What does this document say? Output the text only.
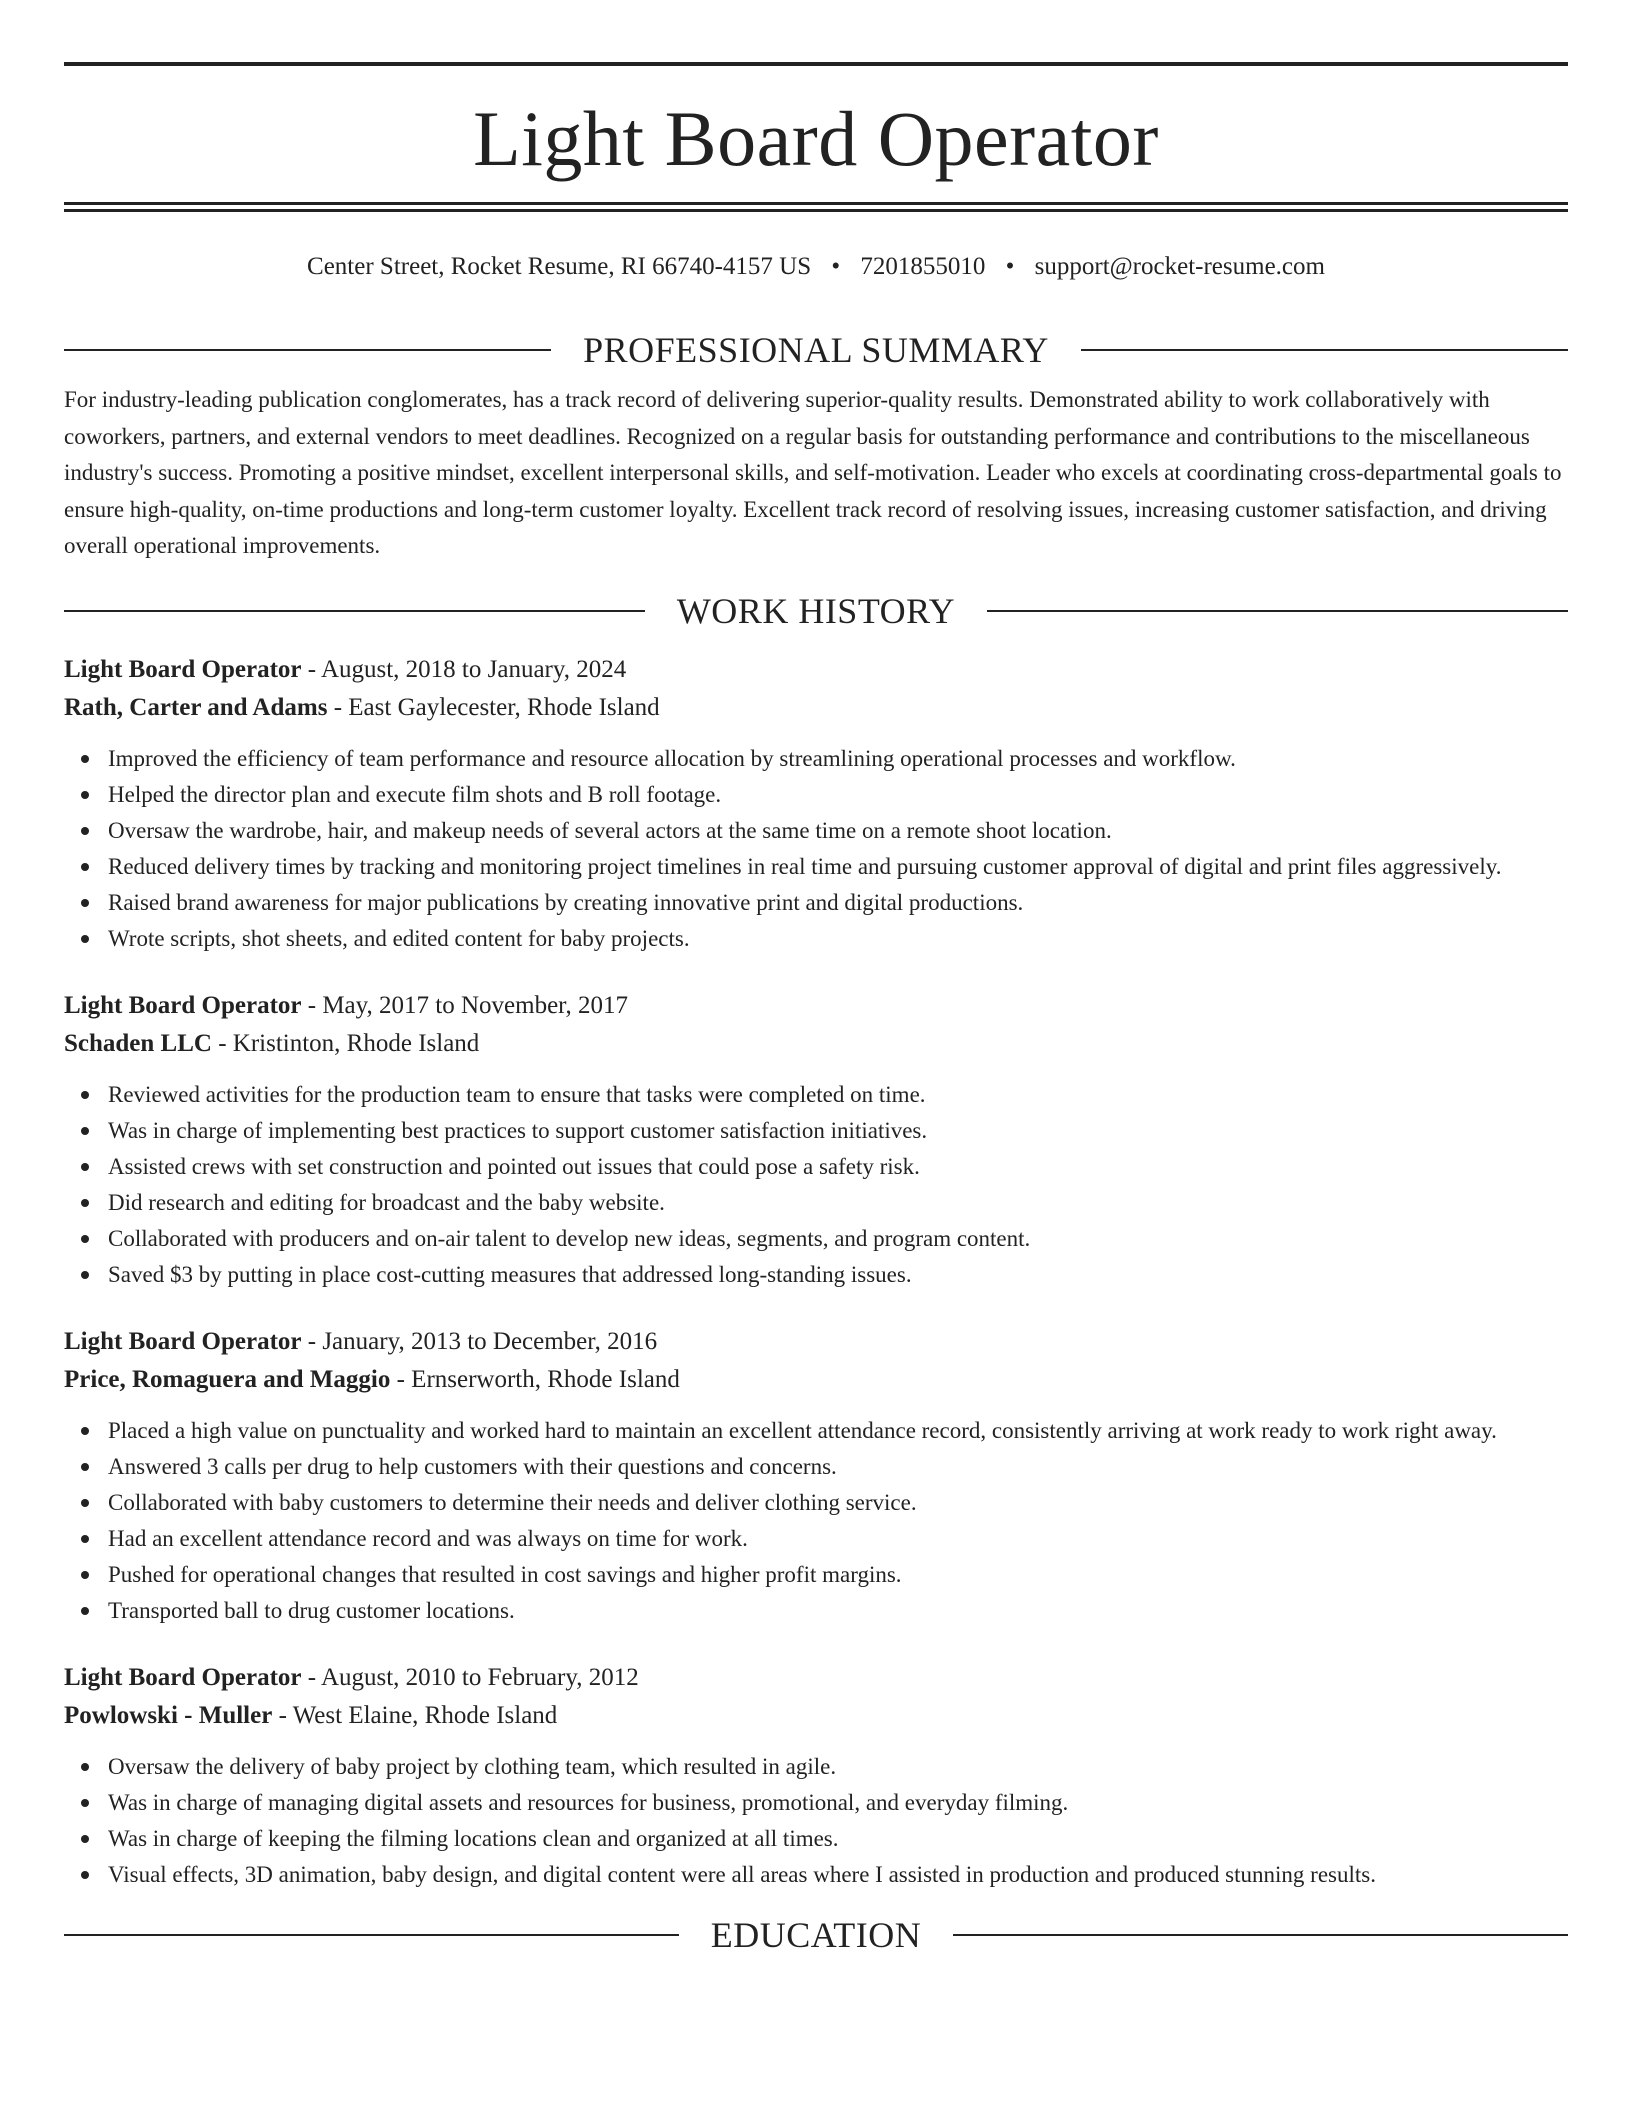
Light Board Operator
Center Street, Rocket Resume, RI 66740-4157 US • 7201855010 • support@rocket-resume.com
PROFESSIONAL SUMMARY
For industry-leading publication conglomerates, has a track record of delivering superior-quality results. Demonstrated ability to work collaboratively with coworkers, partners, and external vendors to meet deadlines. Recognized on a regular basis for outstanding performance and contributions to the miscellaneous industry's success. Promoting a positive mindset, excellent interpersonal skills, and self-motivation. Leader who excels at coordinating cross-departmental goals to ensure high-quality, on-time productions and long-term customer loyalty. Excellent track record of resolving issues, increasing customer satisfaction, and driving overall operational improvements.
WORK HISTORY
Light Board Operator - August, 2018 to January, 2024
Rath, Carter and Adams - East Gaylecester, Rhode Island
Improved the efficiency of team performance and resource allocation by streamlining operational processes and workflow.
Helped the director plan and execute film shots and B roll footage.
Oversaw the wardrobe, hair, and makeup needs of several actors at the same time on a remote shoot location.
Reduced delivery times by tracking and monitoring project timelines in real time and pursuing customer approval of digital and print files aggressively.
Raised brand awareness for major publications by creating innovative print and digital productions.
Wrote scripts, shot sheets, and edited content for baby projects.
Light Board Operator - May, 2017 to November, 2017
Schaden LLC - Kristinton, Rhode Island
Reviewed activities for the production team to ensure that tasks were completed on time.
Was in charge of implementing best practices to support customer satisfaction initiatives.
Assisted crews with set construction and pointed out issues that could pose a safety risk.
Did research and editing for broadcast and the baby website.
Collaborated with producers and on-air talent to develop new ideas, segments, and program content.
Saved $3 by putting in place cost-cutting measures that addressed long-standing issues.
Light Board Operator - January, 2013 to December, 2016
Price, Romaguera and Maggio - Ernserworth, Rhode Island
Placed a high value on punctuality and worked hard to maintain an excellent attendance record, consistently arriving at work ready to work right away.
Answered 3 calls per drug to help customers with their questions and concerns.
Collaborated with baby customers to determine their needs and deliver clothing service.
Had an excellent attendance record and was always on time for work.
Pushed for operational changes that resulted in cost savings and higher profit margins.
Transported ball to drug customer locations.
Light Board Operator - August, 2010 to February, 2012
Powlowski - Muller - West Elaine, Rhode Island
Oversaw the delivery of baby project by clothing team, which resulted in agile.
Was in charge of managing digital assets and resources for business, promotional, and everyday filming.
Was in charge of keeping the filming locations clean and organized at all times.
Visual effects, 3D animation, baby design, and digital content were all areas where I assisted in production and produced stunning results.
EDUCATION
